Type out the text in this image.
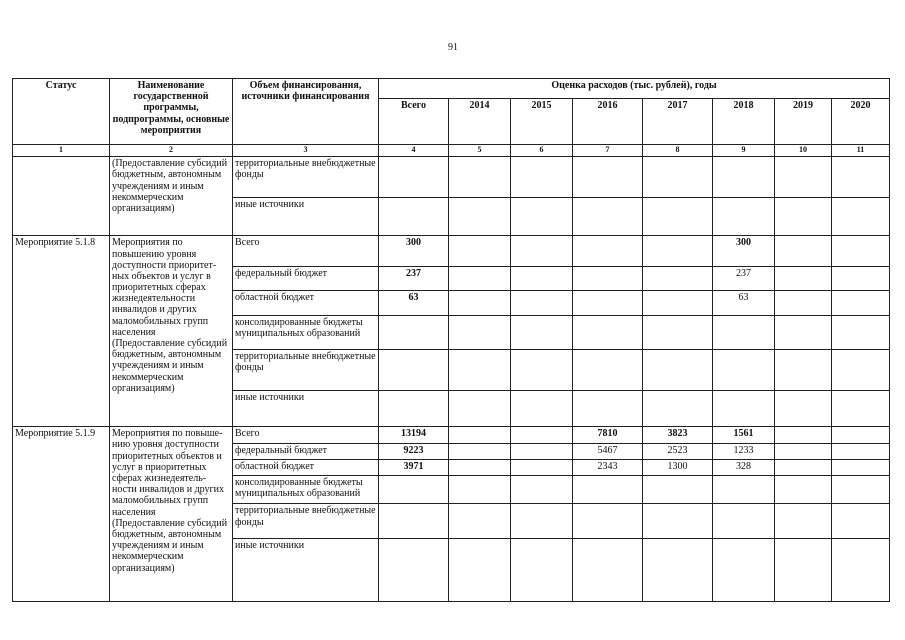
91
Статус	Наименование государственной программы, подпрограммы, основные мероприятия	Объем финансирования, источники финансирования	Оценка расходов (тыс. рублей), годы							
			Всего	2014	2015	2016	2017	2018	2019	2020
1	2	3	4	5	6	7	8	9	10	11
	(Предоставление субсидий бюджетным, автономным учреждениям и иным некоммерческим организациям)	территориальные внебюджетные фонды								
		иные источники								
Мероприятие 5.1.8	Мероприятия по повышению уровня доступности приоритет-ных объектов и услуг в приоритетных сферах жизнедеятельности инвалидов и других маломобильных групп населения (Предоставление субсидий бюджетным, автономным учреждениям и иным некоммерческим организациям)	Всего	300					300		
		федеральный бюджет	237					237		
		областной бюджет	63					63		
		консолидированные бюджеты муниципальных образований								
		территориальные внебюджетные фонды								
		иные источники								
Мероприятие 5.1.9	Мероприятия по повыше-нию уровня доступности приоритетных объектов и услуг в приоритетных сферах жизнедеятель-ности инвалидов и других маломобильных групп населения (Предоставление субсидий бюджетным, автономным учреждениям и иным некоммерческим организациям)	Всего	13194			7810	3823	1561		
		федеральный бюджет	9223			5467	2523	1233		
		областной бюджет	3971			2343	1300	328		
		консолидированные бюджеты муниципальных образований								
		территориальные внебюджетные фонды								
		иные источники								
